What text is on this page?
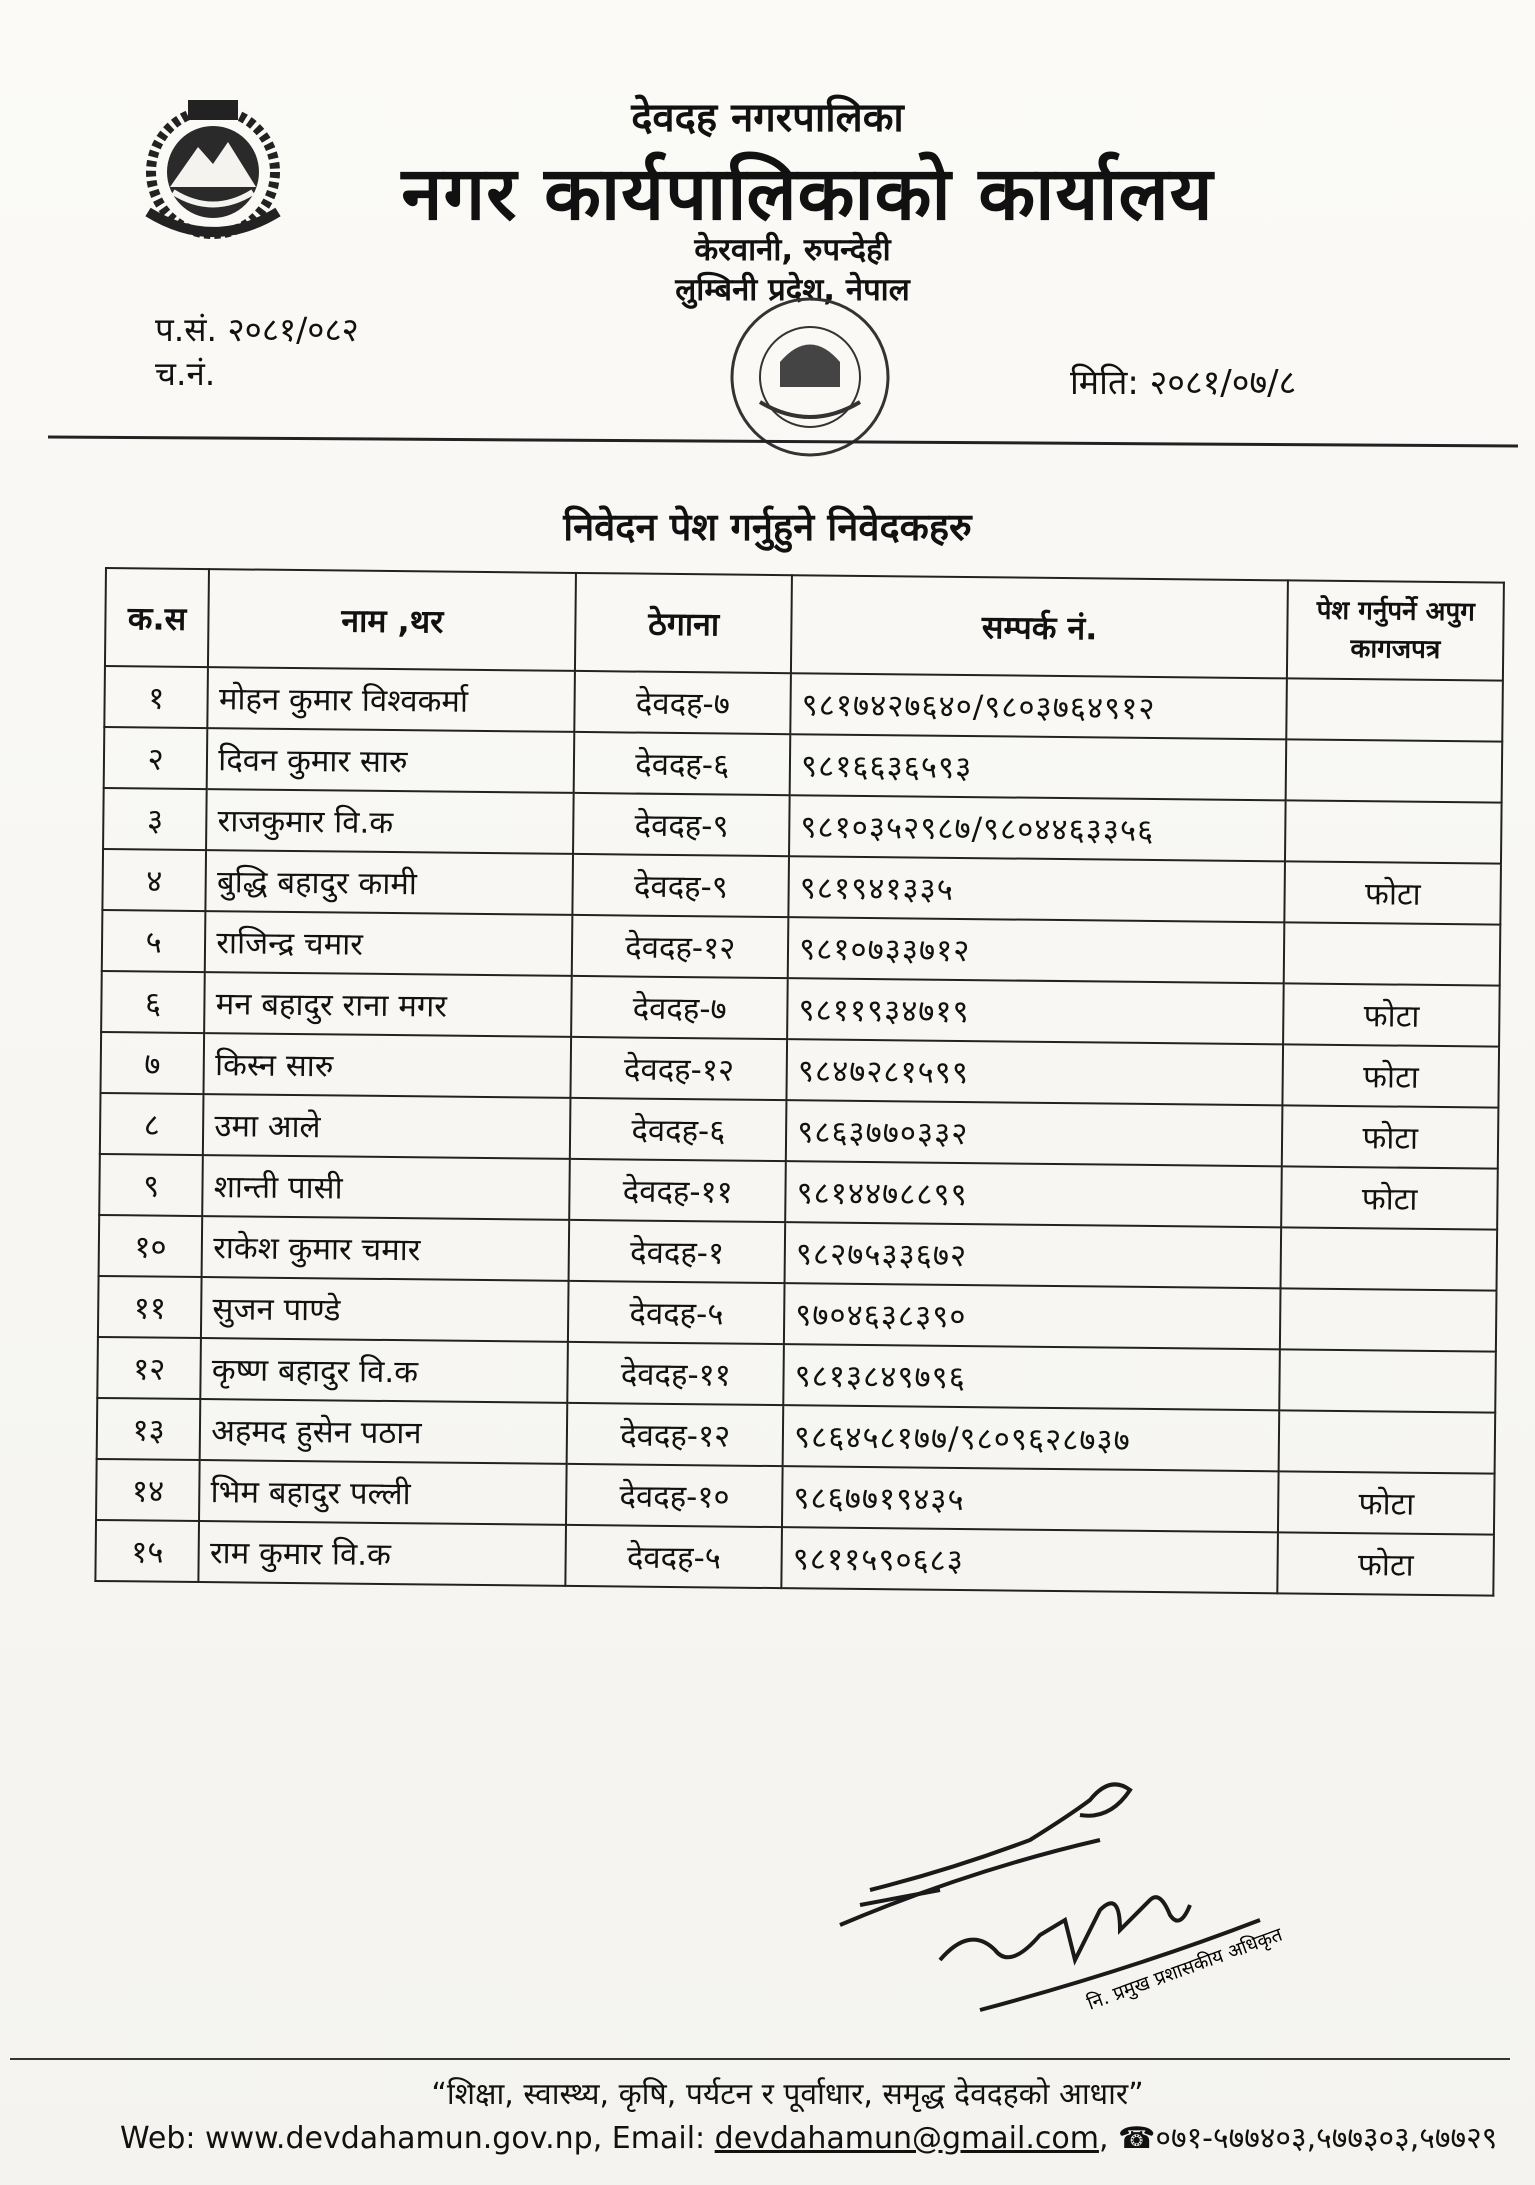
देवदह नगरपालिका
नगर कार्यपालिकाको कार्यालय
केरवानी, रुपन्देही
लुम्बिनी प्रदेश, नेपाल
प.सं. २०८१/०८२
च.नं.	मिति: २०८१/०७/८
निवेदन पेश गर्नुहुने निवेदकहरु
क.स	नाम ,थर	ठेगाना	सम्पर्क नं.	पेश गर्नुपर्ने अपुग कागजपत्र
१	मोहन कुमार विश्वकर्मा	देवदह-७	९८१७४२७६४०/९८०३७६४९१२	
२	दिवन कुमार सारु	देवदह-६	९८१६६३६५९३	
३	राजकुमार वि.क	देवदह-९	९८१०३५२९८७/९८०४४६३३५६	
४	बुद्धि बहादुर कामी	देवदह-९	९८१९४१३३५	फोटा
५	राजिन्द्र चमार	देवदह-१२	९८१०७३३७१२	
६	मन बहादुर राना मगर	देवदह-७	९८११९३४७१९	फोटा
७	किस्न सारु	देवदह-१२	९८४७२८१५९९	फोटा
८	उमा आले	देवदह-६	९८६३७७०३३२	फोटा
९	शान्ती पासी	देवदह-११	९८१४४७८८९९	फोटा
१०	राकेश कुमार चमार	देवदह-१	९८२७५३३६७२	
११	सुजन पाण्डे	देवदह-५	९७०४६३८३९०	
१२	कृष्ण बहादुर वि.क	देवदह-११	९८१३८४९७९६	
१३	अहमद हुसेन पठान	देवदह-१२	९८६४५८१७७/९८०९६२८७३७	
१४	भिम बहादुर पल्ली	देवदह-१०	९८६७७१९४३५	फोटा
१५	राम कुमार वि.क	देवदह-५	९८११५९०६८३	फोटा
नि. प्रमुख प्रशासकीय अधिकृत
“शिक्षा, स्वास्थ्य, कृषि, पर्यटन र पूर्वाधार, समृद्ध देवदहको आधार”
Web: www.devdahamun.gov.np, Email: devdahamun@gmail.com, ☎०७१-५७७४०३,५७७३०३,५७७२९
